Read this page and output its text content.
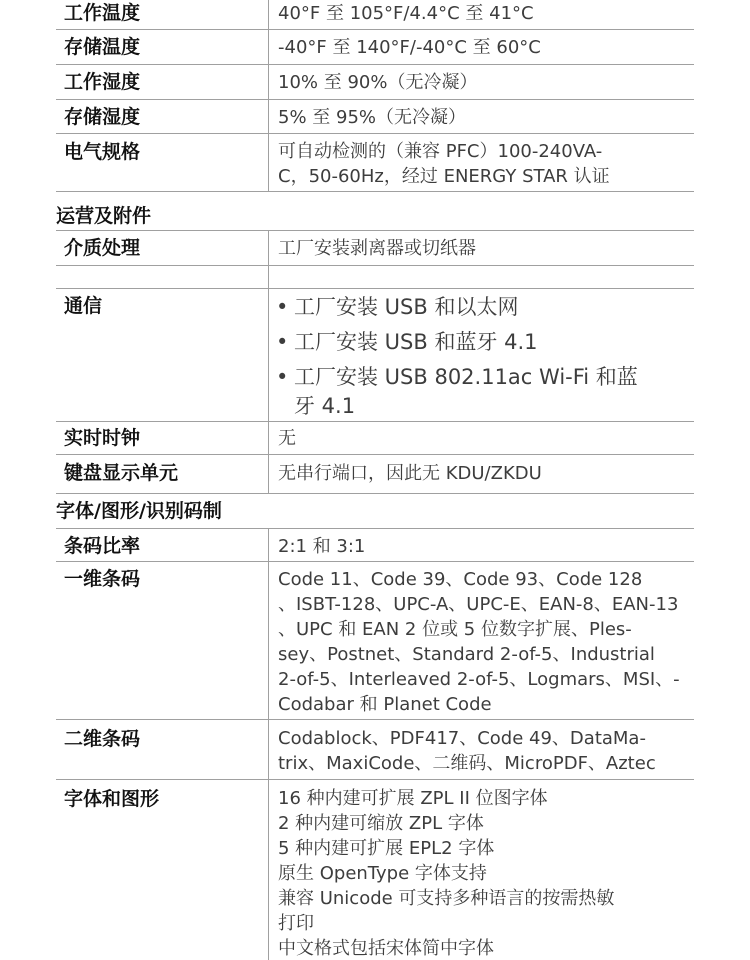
工作温度	40°F 至 105°F/4.4°C 至 41°C
存储温度	-40°F 至 140°F/-40°C 至 60°C
工作湿度	10% 至 90%（无冷凝）
存储湿度	5% 至 95%（无冷凝）
电气规格	可自动检测的（兼容 PFC）100-240VA-
C，50-60Hz，经过 ENERGY STAR 认证
运营及附件
介质处理	工厂安装剥离器或切纸器
通信
•	工厂安装 USB 和以太网
• 工厂安装 USB 和蓝牙 4.1
• 工厂安装 USB 802.11ac Wi-Fi 和蓝
牙 4.1
实时时钟	无
键盘显示单元	无串行端口，因此无 KDU/ZKDU
字体/图形/识别码制
条码比率	2:1 和 3:1
一维条码	Code 11、Code 39、Code 93、Code 128
、ISBT-128、UPC-A、UPC-E、EAN-8、EAN-13
、UPC 和 EAN 2 位或 5 位数字扩展、Ples-
sey、Postnet、Standard 2-of-5、Industrial
2-of-5、Interleaved 2-of-5、Logmars、MSI、-
Codabar 和 Planet Code
二维条码	Codablock、PDF417、Code 49、DataMa-
trix、MaxiCode、二维码、MicroPDF、Aztec
字体和图形	16 种内建可扩展 ZPL II 位图字体
2 种内建可缩放 ZPL 字体
5 种内建可扩展 EPL2 字体
原生 OpenType 字体支持
兼容 Unicode 可支持多种语言的按需热敏
打印
中文格式包括宋体简中字体
